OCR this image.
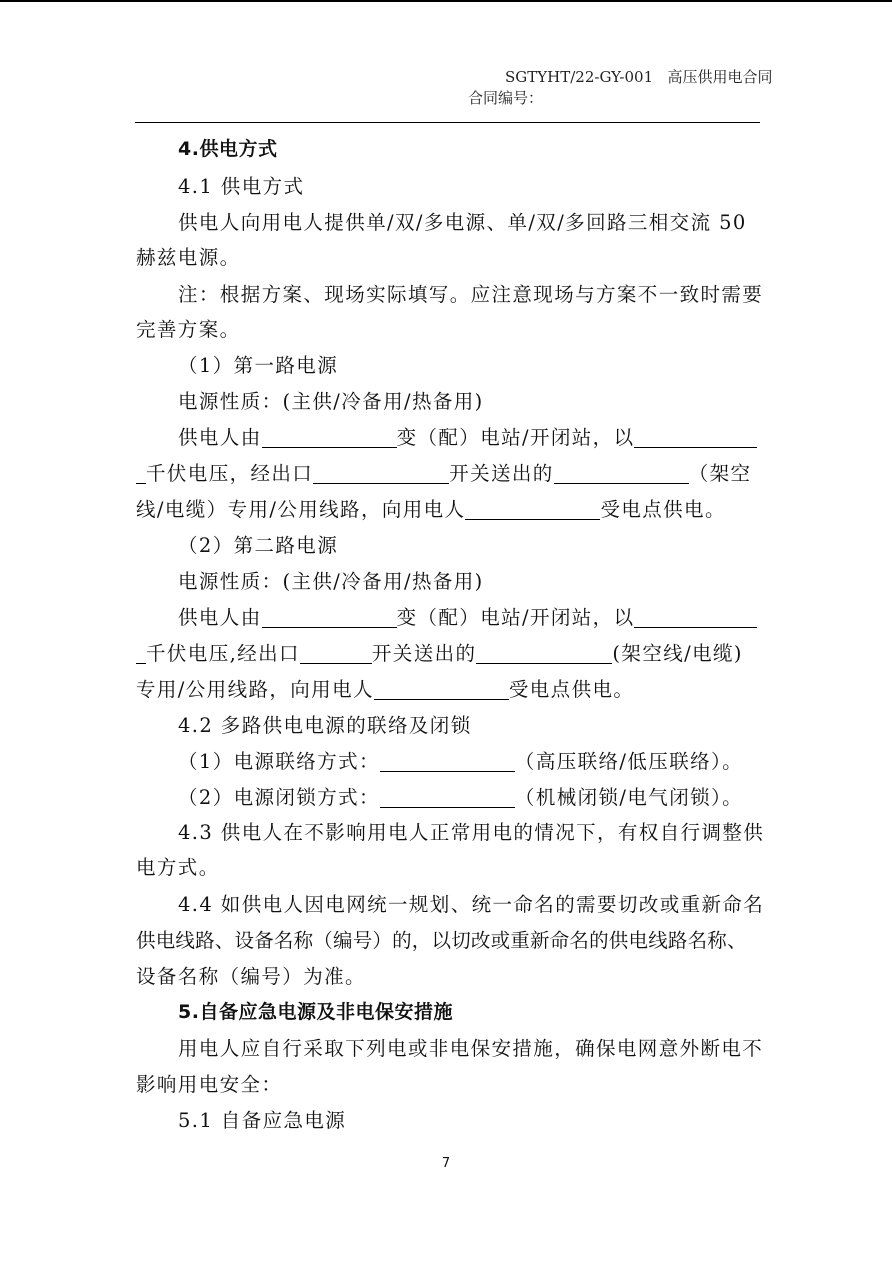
SGTYHT/22-GY-001 高压供用电合同
合同编号：
4.供电方式
4.1 供电方式
供电人向用电人提供单/双/多电源、单/双/多回路三相交流 50
赫兹电源。
注：根据方案、现场实际填写。应注意现场与方案不一致时需要
完善方案。
（1）第一路电源
电源性质：(主供/冷备用/热备用)
供电人由	变（配）电站/开闭站，以
千伏电压，经出口	开关送出的	（架空
线/电缆）专用/公用线路，向用电人	受电点供电。
（2）第二路电源
电源性质：(主供/冷备用/热备用)
供电人由	变（配）电站/开闭站，以
千伏电压,经出口	开关送出的	(架空线/电缆)
专用/公用线路，向用电人	受电点供电。
4.2 多路供电电源的联络及闭锁
（1）电源联络方式：	（高压联络/低压联络）。
（2）电源闭锁方式：	（机械闭锁/电气闭锁）。
4.3 供电人在不影响用电人正常用电的情况下，有权自行调整供
电方式。
4.4 如供电人因电网统一规划、统一命名的需要切改或重新命名
供电线路、设备名称（编号）的，以切改或重新命名的供电线路名称、
设备名称（编号）为准。
5.自备应急电源及非电保安措施
用电人应自行采取下列电或非电保安措施，确保电网意外断电不
影响用电安全：
5.1 自备应急电源
7
